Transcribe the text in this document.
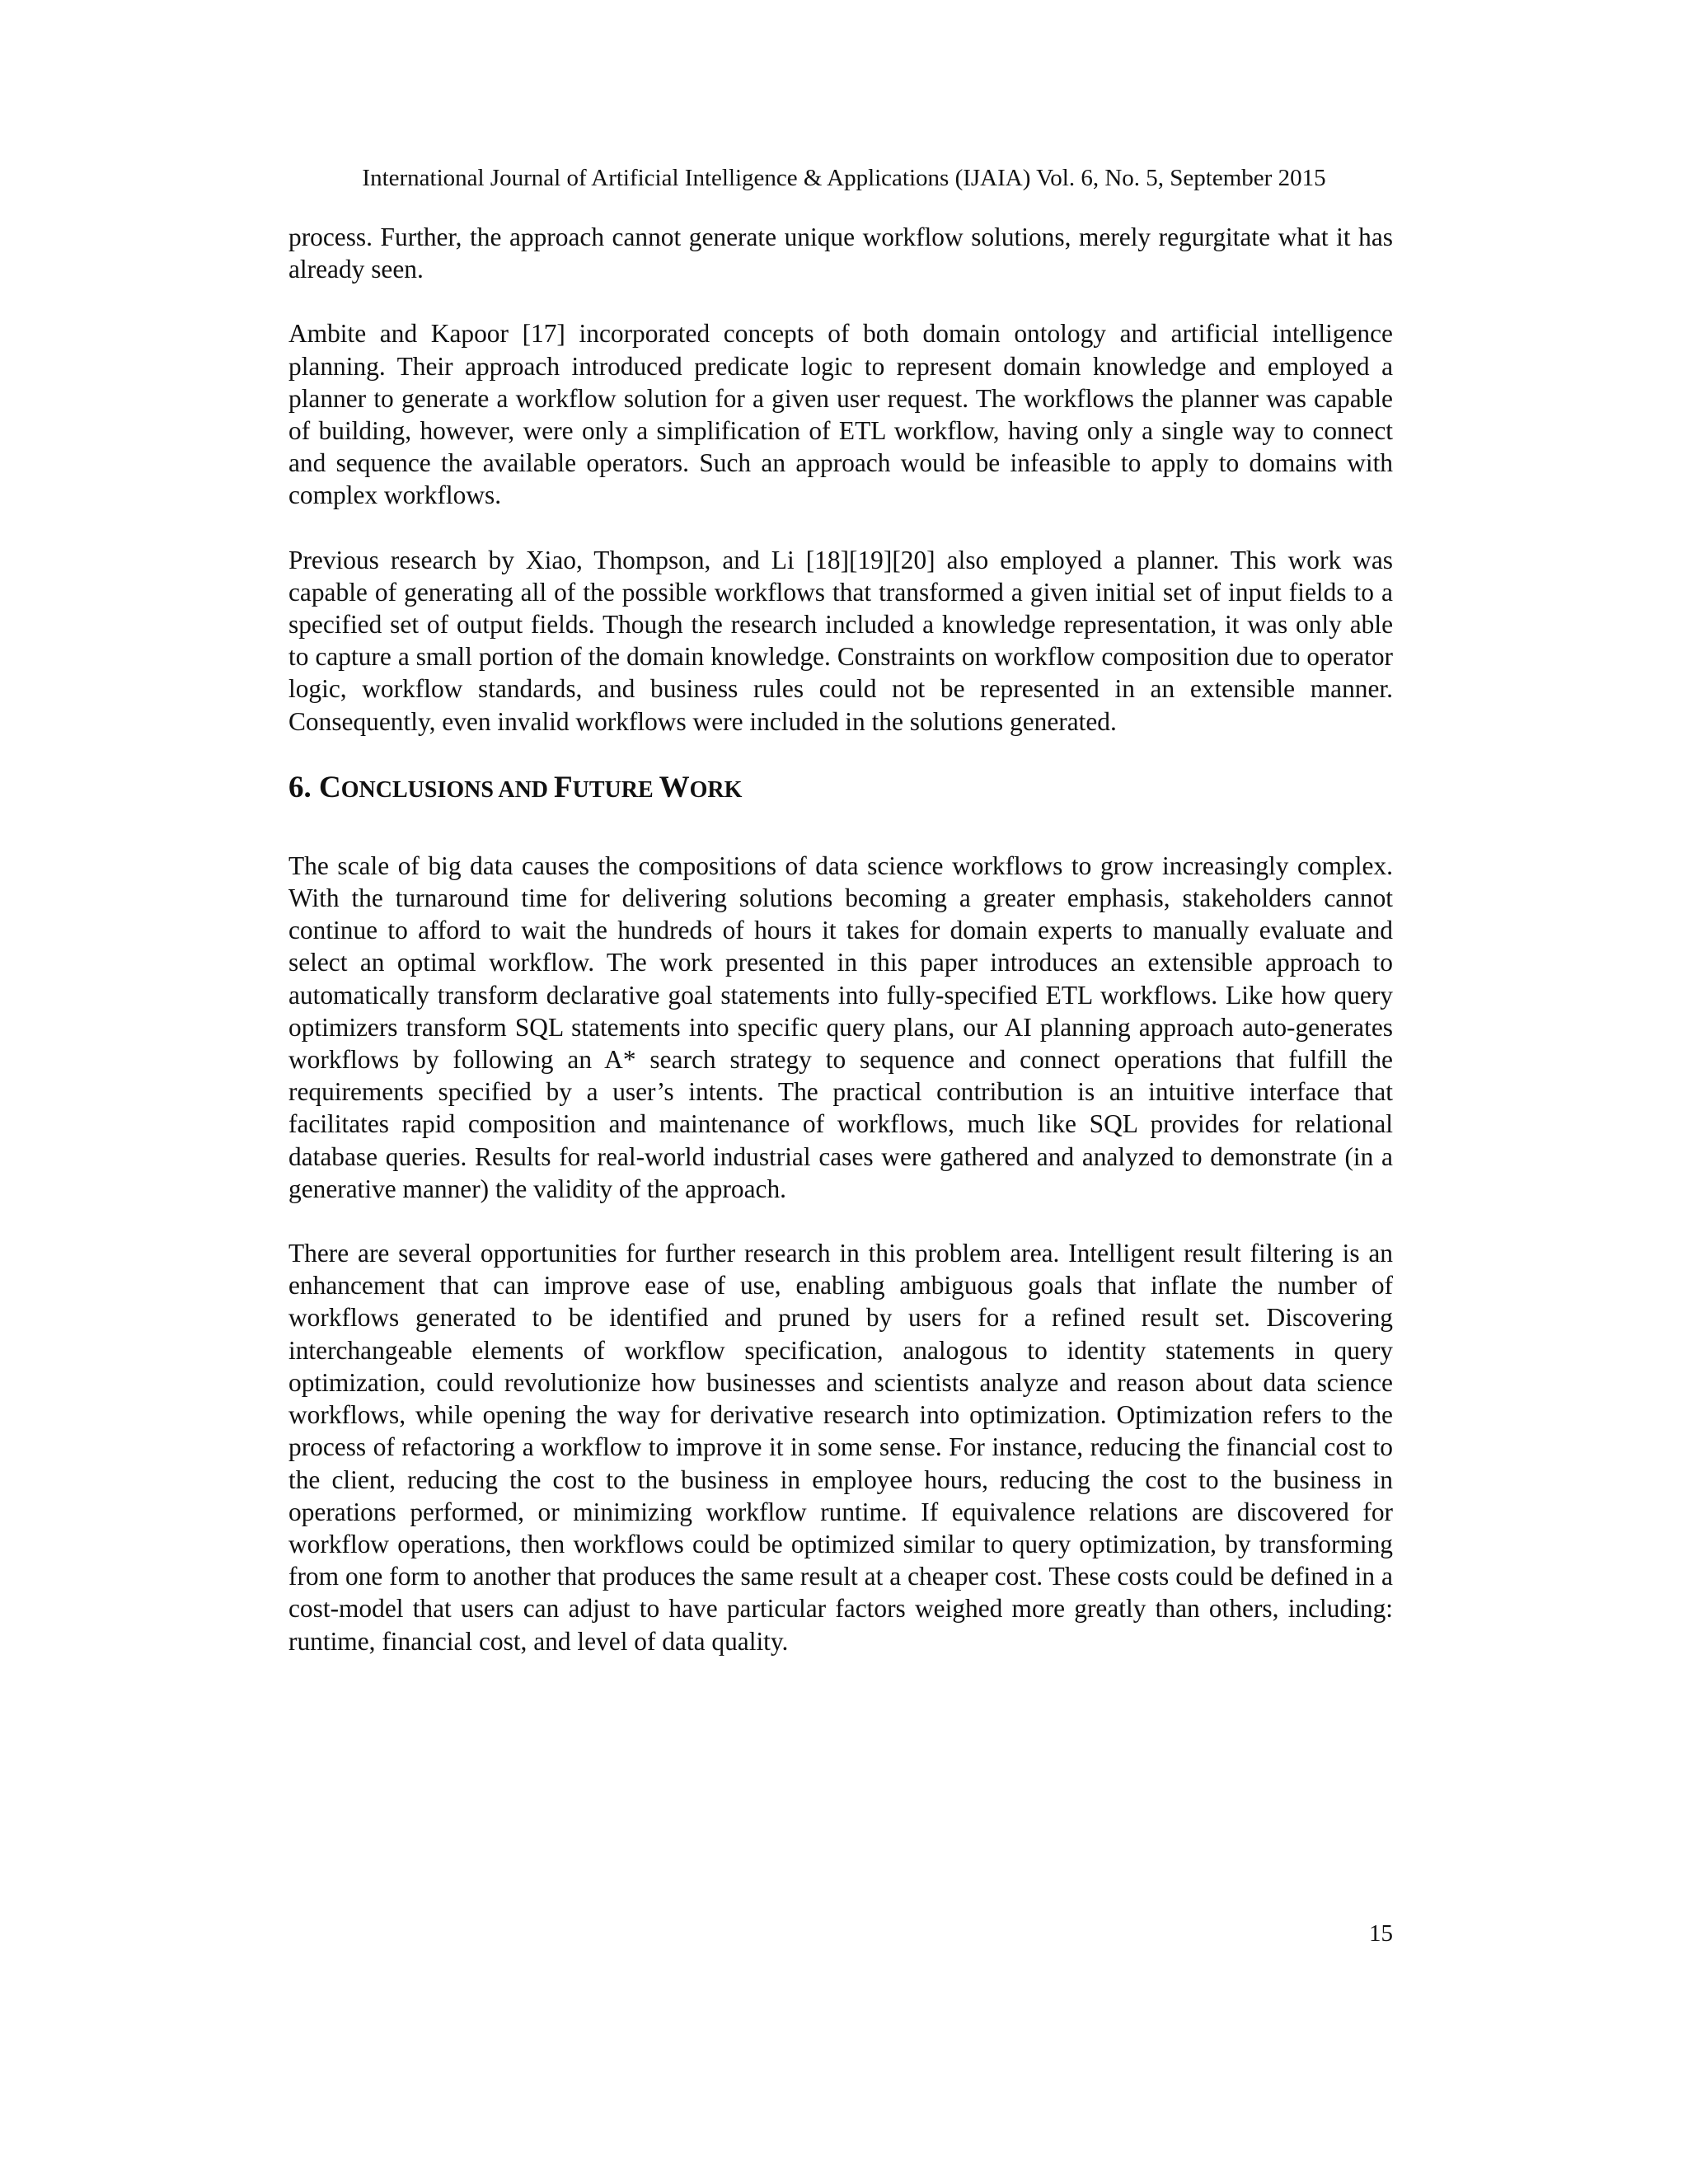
International Journal of Artificial Intelligence & Applications (IJAIA) Vol. 6, No. 5, September 2015

process. Further, the approach cannot generate unique workflow solutions, merely regurgitate what it has already seen.

Ambite and Kapoor [17] incorporated concepts of both domain ontology and artificial intelligence planning. Their approach introduced predicate logic to represent domain knowledge and employed a planner to generate a workflow solution for a given user request. The workflows the planner was capable of building, however, were only a simplification of ETL workflow, having only a single way to connect and sequence the available operators. Such an approach would be infeasible to apply to domains with complex workflows.

Previous research by Xiao, Thompson, and Li [18][19][20] also employed a planner. This work was capable of generating all of the possible workflows that transformed a given initial set of input fields to a specified set of output fields. Though the research included a knowledge representation, it was only able to capture a small portion of the domain knowledge. Constraints on workflow composition due to operator logic, workflow standards, and business rules could not be represented in an extensible manner. Consequently, even invalid workflows were included in the solutions generated.

6. CONCLUSIONS AND FUTURE WORK

The scale of big data causes the compositions of data science workflows to grow increasingly complex. With the turnaround time for delivering solutions becoming a greater emphasis, stakeholders cannot continue to afford to wait the hundreds of hours it takes for domain experts to manually evaluate and select an optimal workflow. The work presented in this paper introduces an extensible approach to automatically transform declarative goal statements into fully-specified ETL workflows. Like how query optimizers transform SQL statements into specific query plans, our AI planning approach auto-generates workflows by following an A* search strategy to sequence and connect operations that fulfill the requirements specified by a user’s intents. The practical contribution is an intuitive interface that facilitates rapid composition and maintenance of workflows, much like SQL provides for relational database queries. Results for real-world industrial cases were gathered and analyzed to demonstrate (in a generative manner) the validity of the approach.

There are several opportunities for further research in this problem area. Intelligent result filtering is an enhancement that can improve ease of use, enabling ambiguous goals that inflate the number of workflows generated to be identified and pruned by users for a refined result set. Discovering interchangeable elements of workflow specification, analogous to identity statements in query optimization, could revolutionize how businesses and scientists analyze and reason about data science workflows, while opening the way for derivative research into optimization. Optimization refers to the process of refactoring a workflow to improve it in some sense. For instance, reducing the financial cost to the client, reducing the cost to the business in employee hours, reducing the cost to the business in operations performed, or minimizing workflow runtime. If equivalence relations are discovered for workflow operations, then workflows could be optimized similar to query optimization, by transforming from one form to another that produces the same result at a cheaper cost. These costs could be defined in a cost-model that users can adjust to have particular factors weighed more greatly than others, including: runtime, financial cost, and level of data quality.

15
